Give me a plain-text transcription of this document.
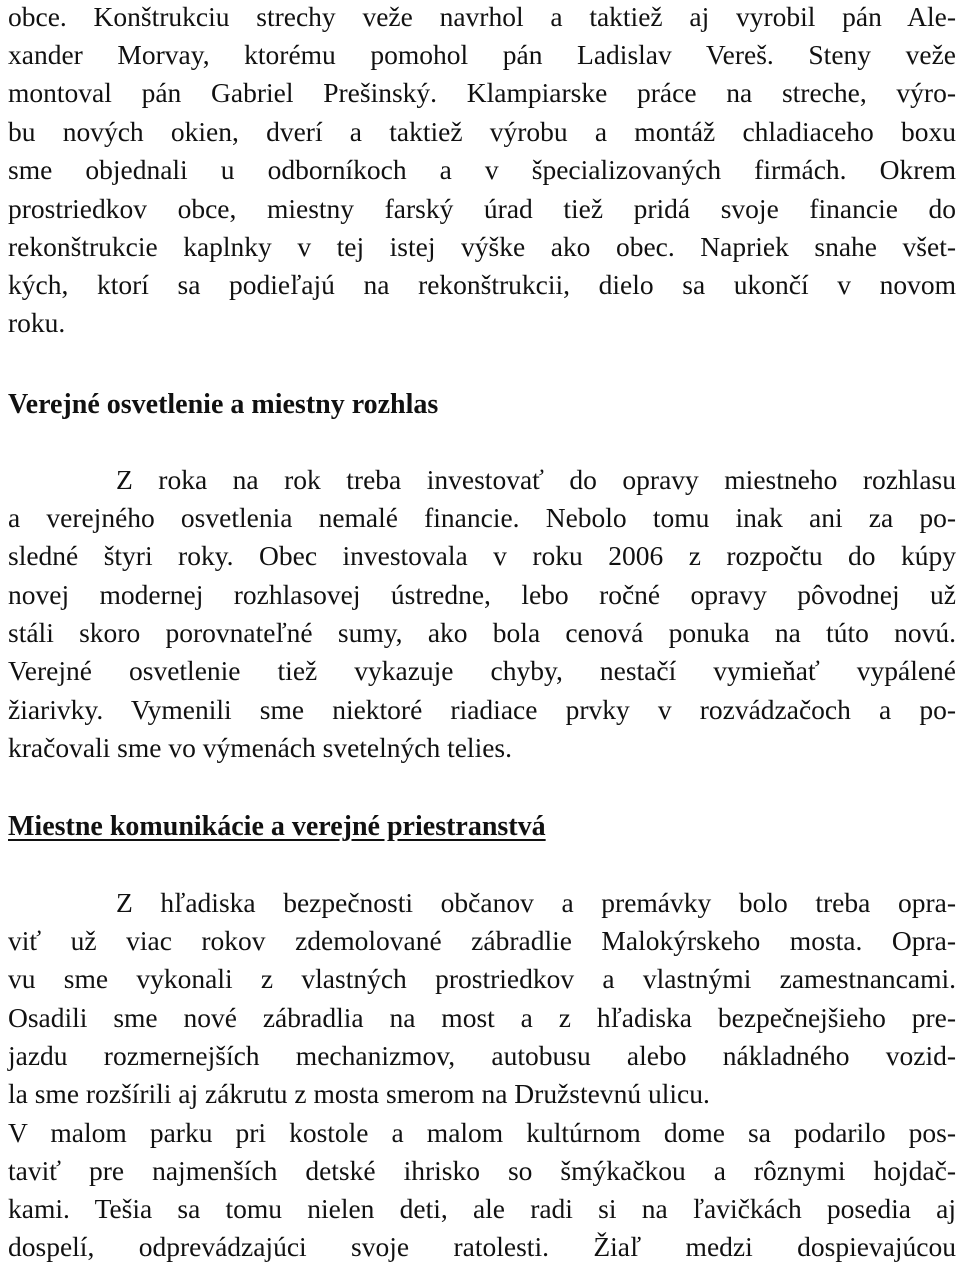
obce. Konštrukciu strechy veže navrhol a taktiež aj vyrobil pán Ale-
xander Morvay, ktorému pomohol pán Ladislav Vereš. Steny veže
montoval pán Gabriel Prešinský. Klampiarske práce na streche, výro-
bu nových okien, dverí a taktiež výrobu a montáž chladiaceho boxu
sme objednali u odborníkoch a v špecializovaných firmách. Okrem
prostriedkov obce, miestny farský úrad tiež pridá svoje financie do
rekonštrukcie kaplnky v tej istej výške ako obec. Napriek snahe všet-
kých, ktorí sa podieľajú na rekonštrukcii, dielo sa ukončí v novom
roku.
Verejné osvetlenie a miestny rozhlas
Z roka na rok treba investovať do opravy miestneho rozhlasu
a verejného osvetlenia nemalé financie. Nebolo tomu inak ani za po-
sledné štyri roky. Obec investovala v roku 2006 z rozpočtu do kúpy
novej modernej rozhlasovej ústredne, lebo ročné opravy pôvodnej už
stáli skoro porovnateľné sumy, ako bola cenová ponuka na túto novú.
Verejné osvetlenie tiež vykazuje chyby, nestačí vymieňať vypálené
žiarivky. Vymenili sme niektoré riadiace prvky v rozvádzačoch a po-
kračovali sme vo výmenách svetelných telies.
Miestne komunikácie a verejné priestranstvá
Z hľadiska bezpečnosti občanov a premávky bolo treba opra-
viť už viac rokov zdemolované zábradlie Malokýrskeho mosta. Opra-
vu sme vykonali z vlastných prostriedkov a vlastnými zamestnancami.
Osadili sme nové zábradlia na most a z hľadiska bezpečnejšieho pre-
jazdu rozmernejších mechanizmov, autobusu alebo nákladného vozid-
la sme rozšírili aj zákrutu z mosta smerom na Družstevnú ulicu.
V malom parku pri kostole a malom kultúrnom dome sa podarilo pos-
taviť pre najmenších detské ihrisko so šmýkačkou a rôznymi hojdač-
kami. Tešia sa tomu nielen deti, ale radi si na ľavičkách posedia aj
dospelí, odprevádzajúci svoje ratolesti. Žiaľ medzi dospievajúcou
